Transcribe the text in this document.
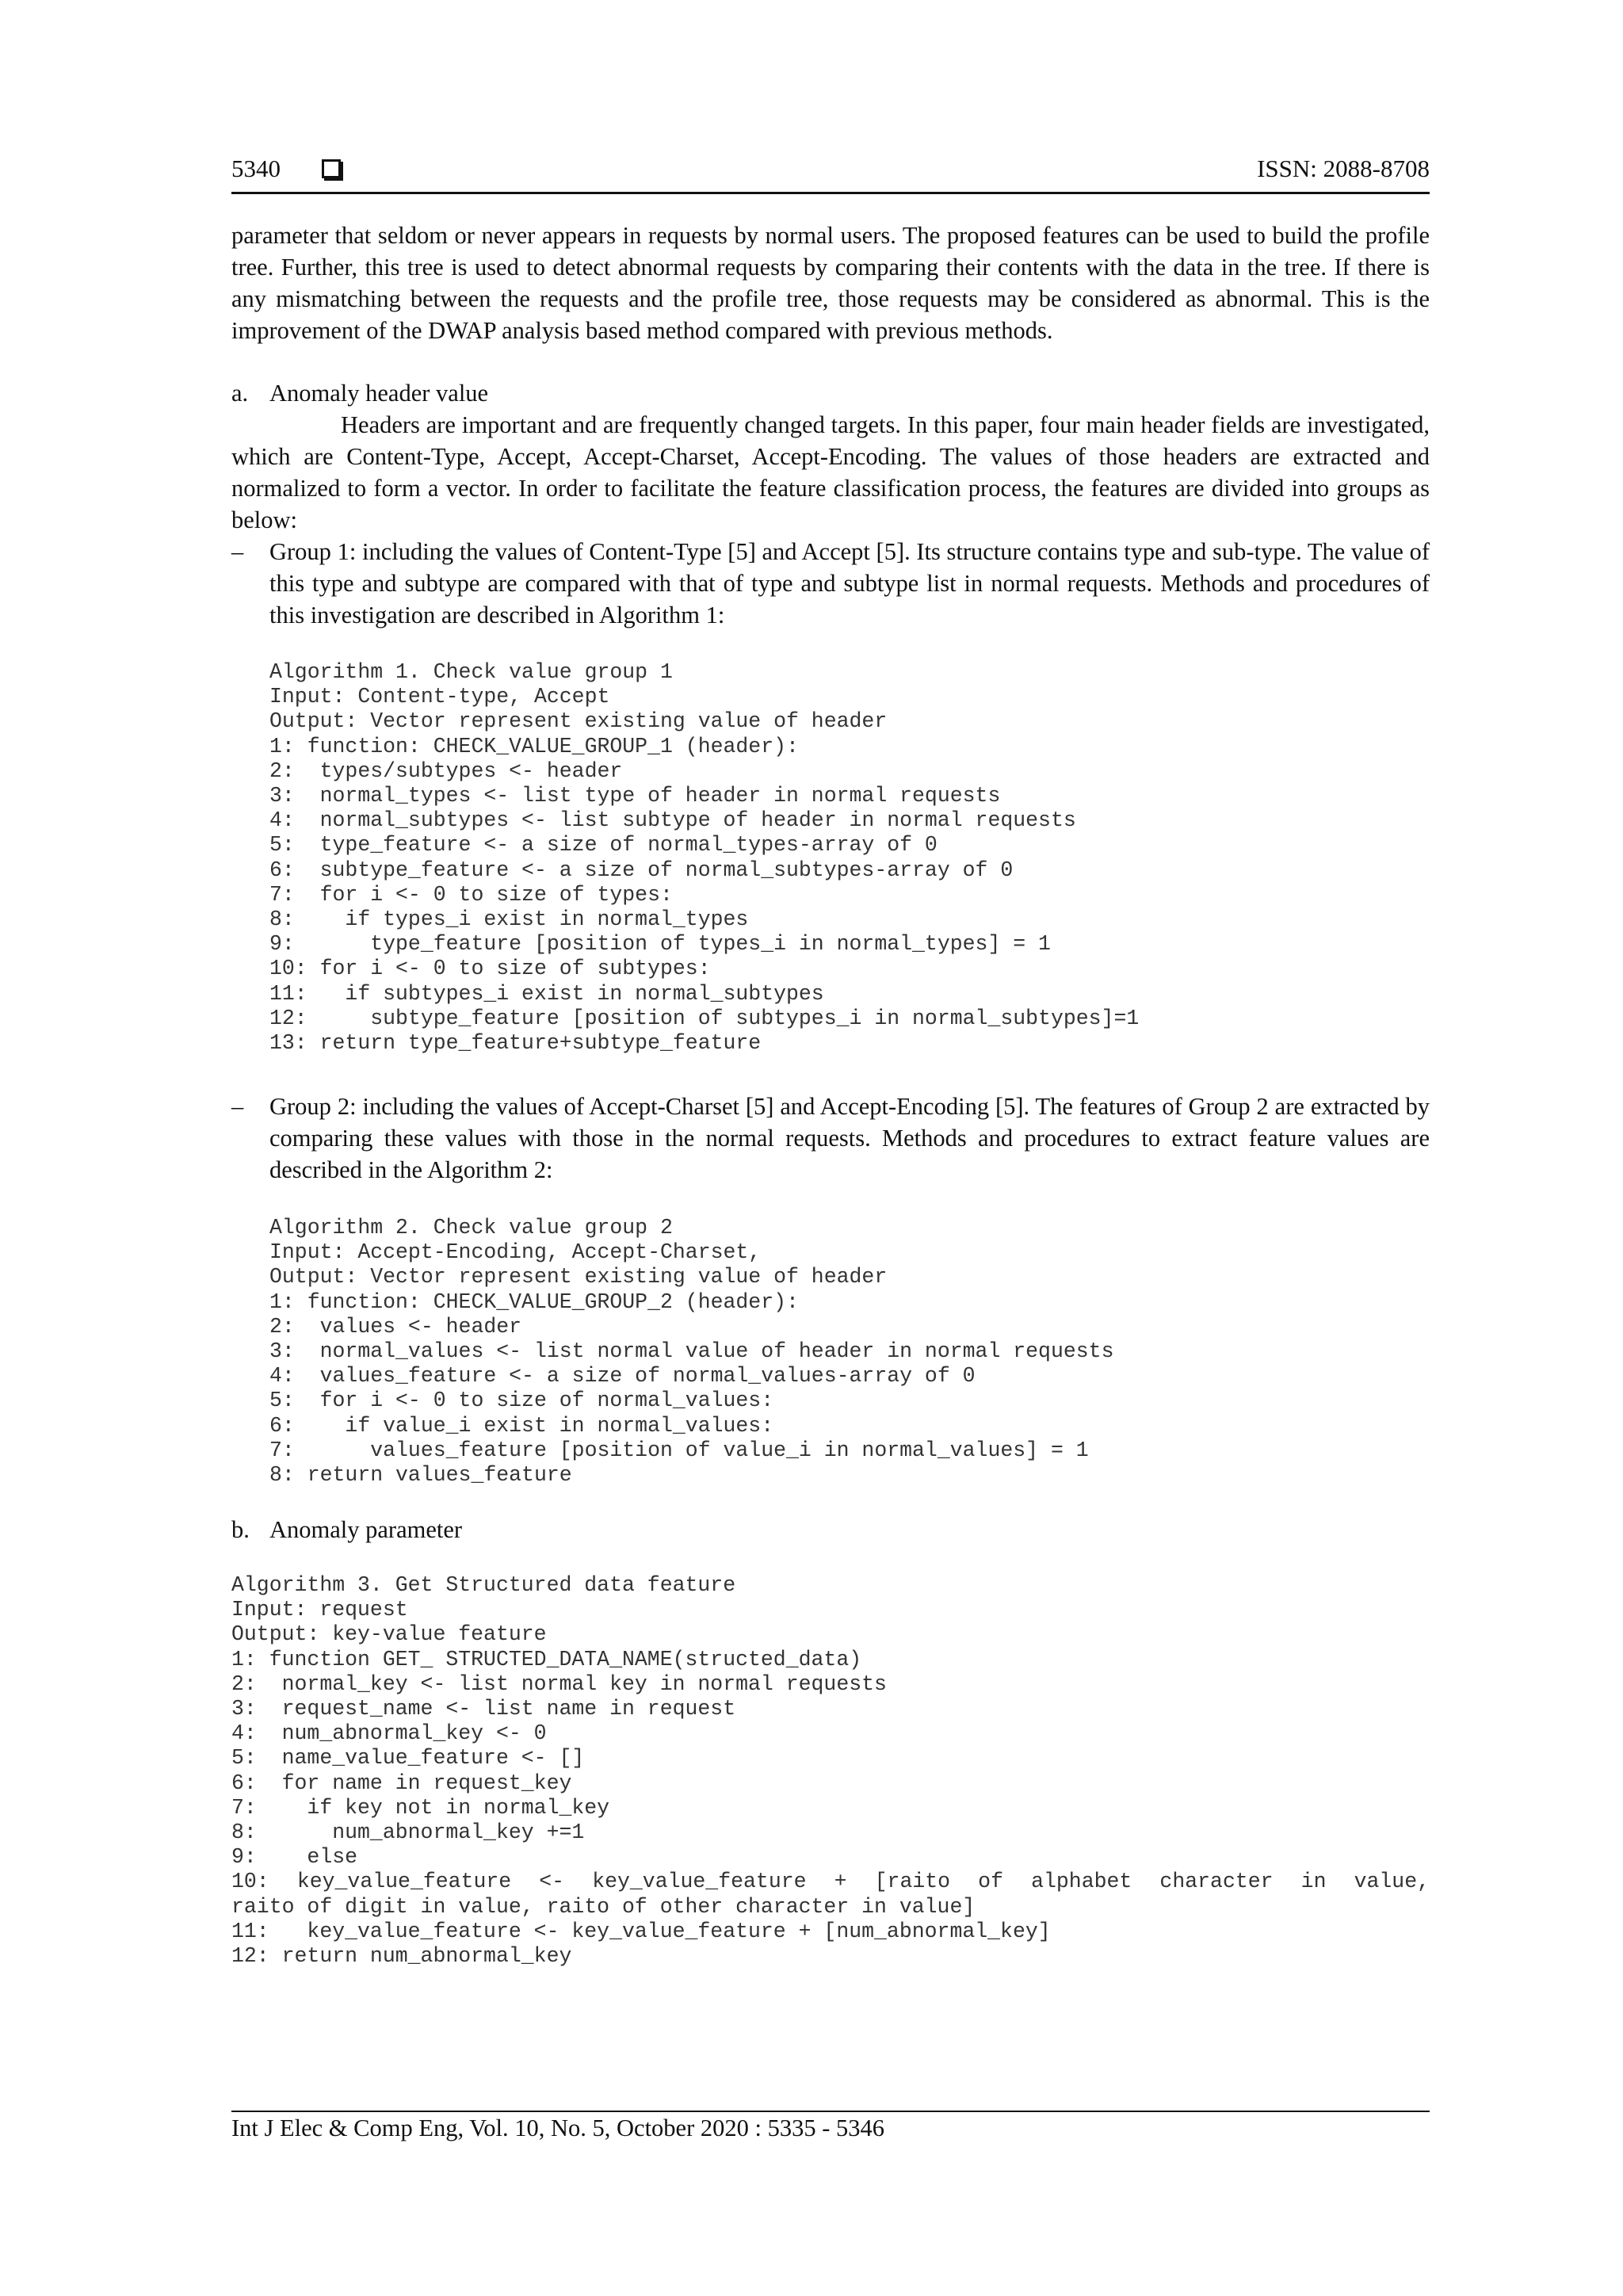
5340	ISSN: 2088-8708
parameter that seldom or never appears in requests by normal users. The proposed features can be used to build the profile tree. Further, this tree is used to detect abnormal requests by comparing their contents with the data in the tree. If there is any mismatching between the requests and the profile tree, those requests may be considered as abnormal. This is the improvement of the DWAP analysis based method compared with previous methods.
a. Anomaly header value
Headers are important and are frequently changed targets. In this paper, four main header fields are investigated, which are Content-Type, Accept, Accept-Charset, Accept-Encoding. The values of those headers are extracted and normalized to form a vector. In order to facilitate the feature classification process, the features are divided into groups as below:
– Group 1: including the values of Content-Type [5] and Accept [5]. Its structure contains type and sub-type. The value of this type and subtype are compared with that of type and subtype list in normal requests. Methods and procedures of this investigation are described in Algorithm 1:
Algorithm 1. Check value group 1
Input: Content-type, Accept
Output: Vector represent existing value of header
1: function: CHECK_VALUE_GROUP_1 (header):
2:  types/subtypes <- header
3:  normal_types <- list type of header in normal requests
4:  normal_subtypes <- list subtype of header in normal requests
5:  type_feature <- a size of normal_types-array of 0
6:  subtype_feature <- a size of normal_subtypes-array of 0
7:  for i <- 0 to size of types:
8:    if types_i exist in normal_types
9:      type_feature [position of types_i in normal_types] = 1
10: for i <- 0 to size of subtypes:
11:   if subtypes_i exist in normal_subtypes
12:     subtype_feature [position of subtypes_i in normal_subtypes]=1
13: return type_feature+subtype_feature

– Group 2: including the values of Accept-Charset [5] and Accept-Encoding [5]. The features of Group 2 are extracted by comparing these values with those in the normal requests. Methods and procedures to extract feature values are described in the Algorithm 2:
Algorithm 2. Check value group 2
Input: Accept-Encoding, Accept-Charset,
Output: Vector represent existing value of header
1: function: CHECK_VALUE_GROUP_2 (header):
2:  values <- header
3:  normal_values <- list normal value of header in normal requests
4:  values_feature <- a size of normal_values-array of 0
5:  for i <- 0 to size of normal_values:
6:    if value_i exist in normal_values:
7:      values_feature [position of value_i in normal_values] = 1
8: return values_feature

b. Anomaly parameter
Algorithm 3. Get Structured data feature
Input: request
Output: key-value feature
1: function GET_ STRUCTED_DATA_NAME(structed_data)
2:  normal_key <- list normal key in normal requests
3:  request_name <- list name in request
4:  num_abnormal_key <- 0
5:  name_value_feature <- []
6:  for name in request_key
7:    if key not in normal_key
8:      num_abnormal_key +=1
9:    else
10: key_value_feature <- key_value_feature + [raito of alphabet character in value,
raito of digit in value, raito of other character in value]
11:   key_value_feature <- key_value_feature + [num_abnormal_key]
12: return num_abnormal_key
Int J Elec & Comp Eng, Vol. 10, No. 5, October 2020 : 5335 - 5346
